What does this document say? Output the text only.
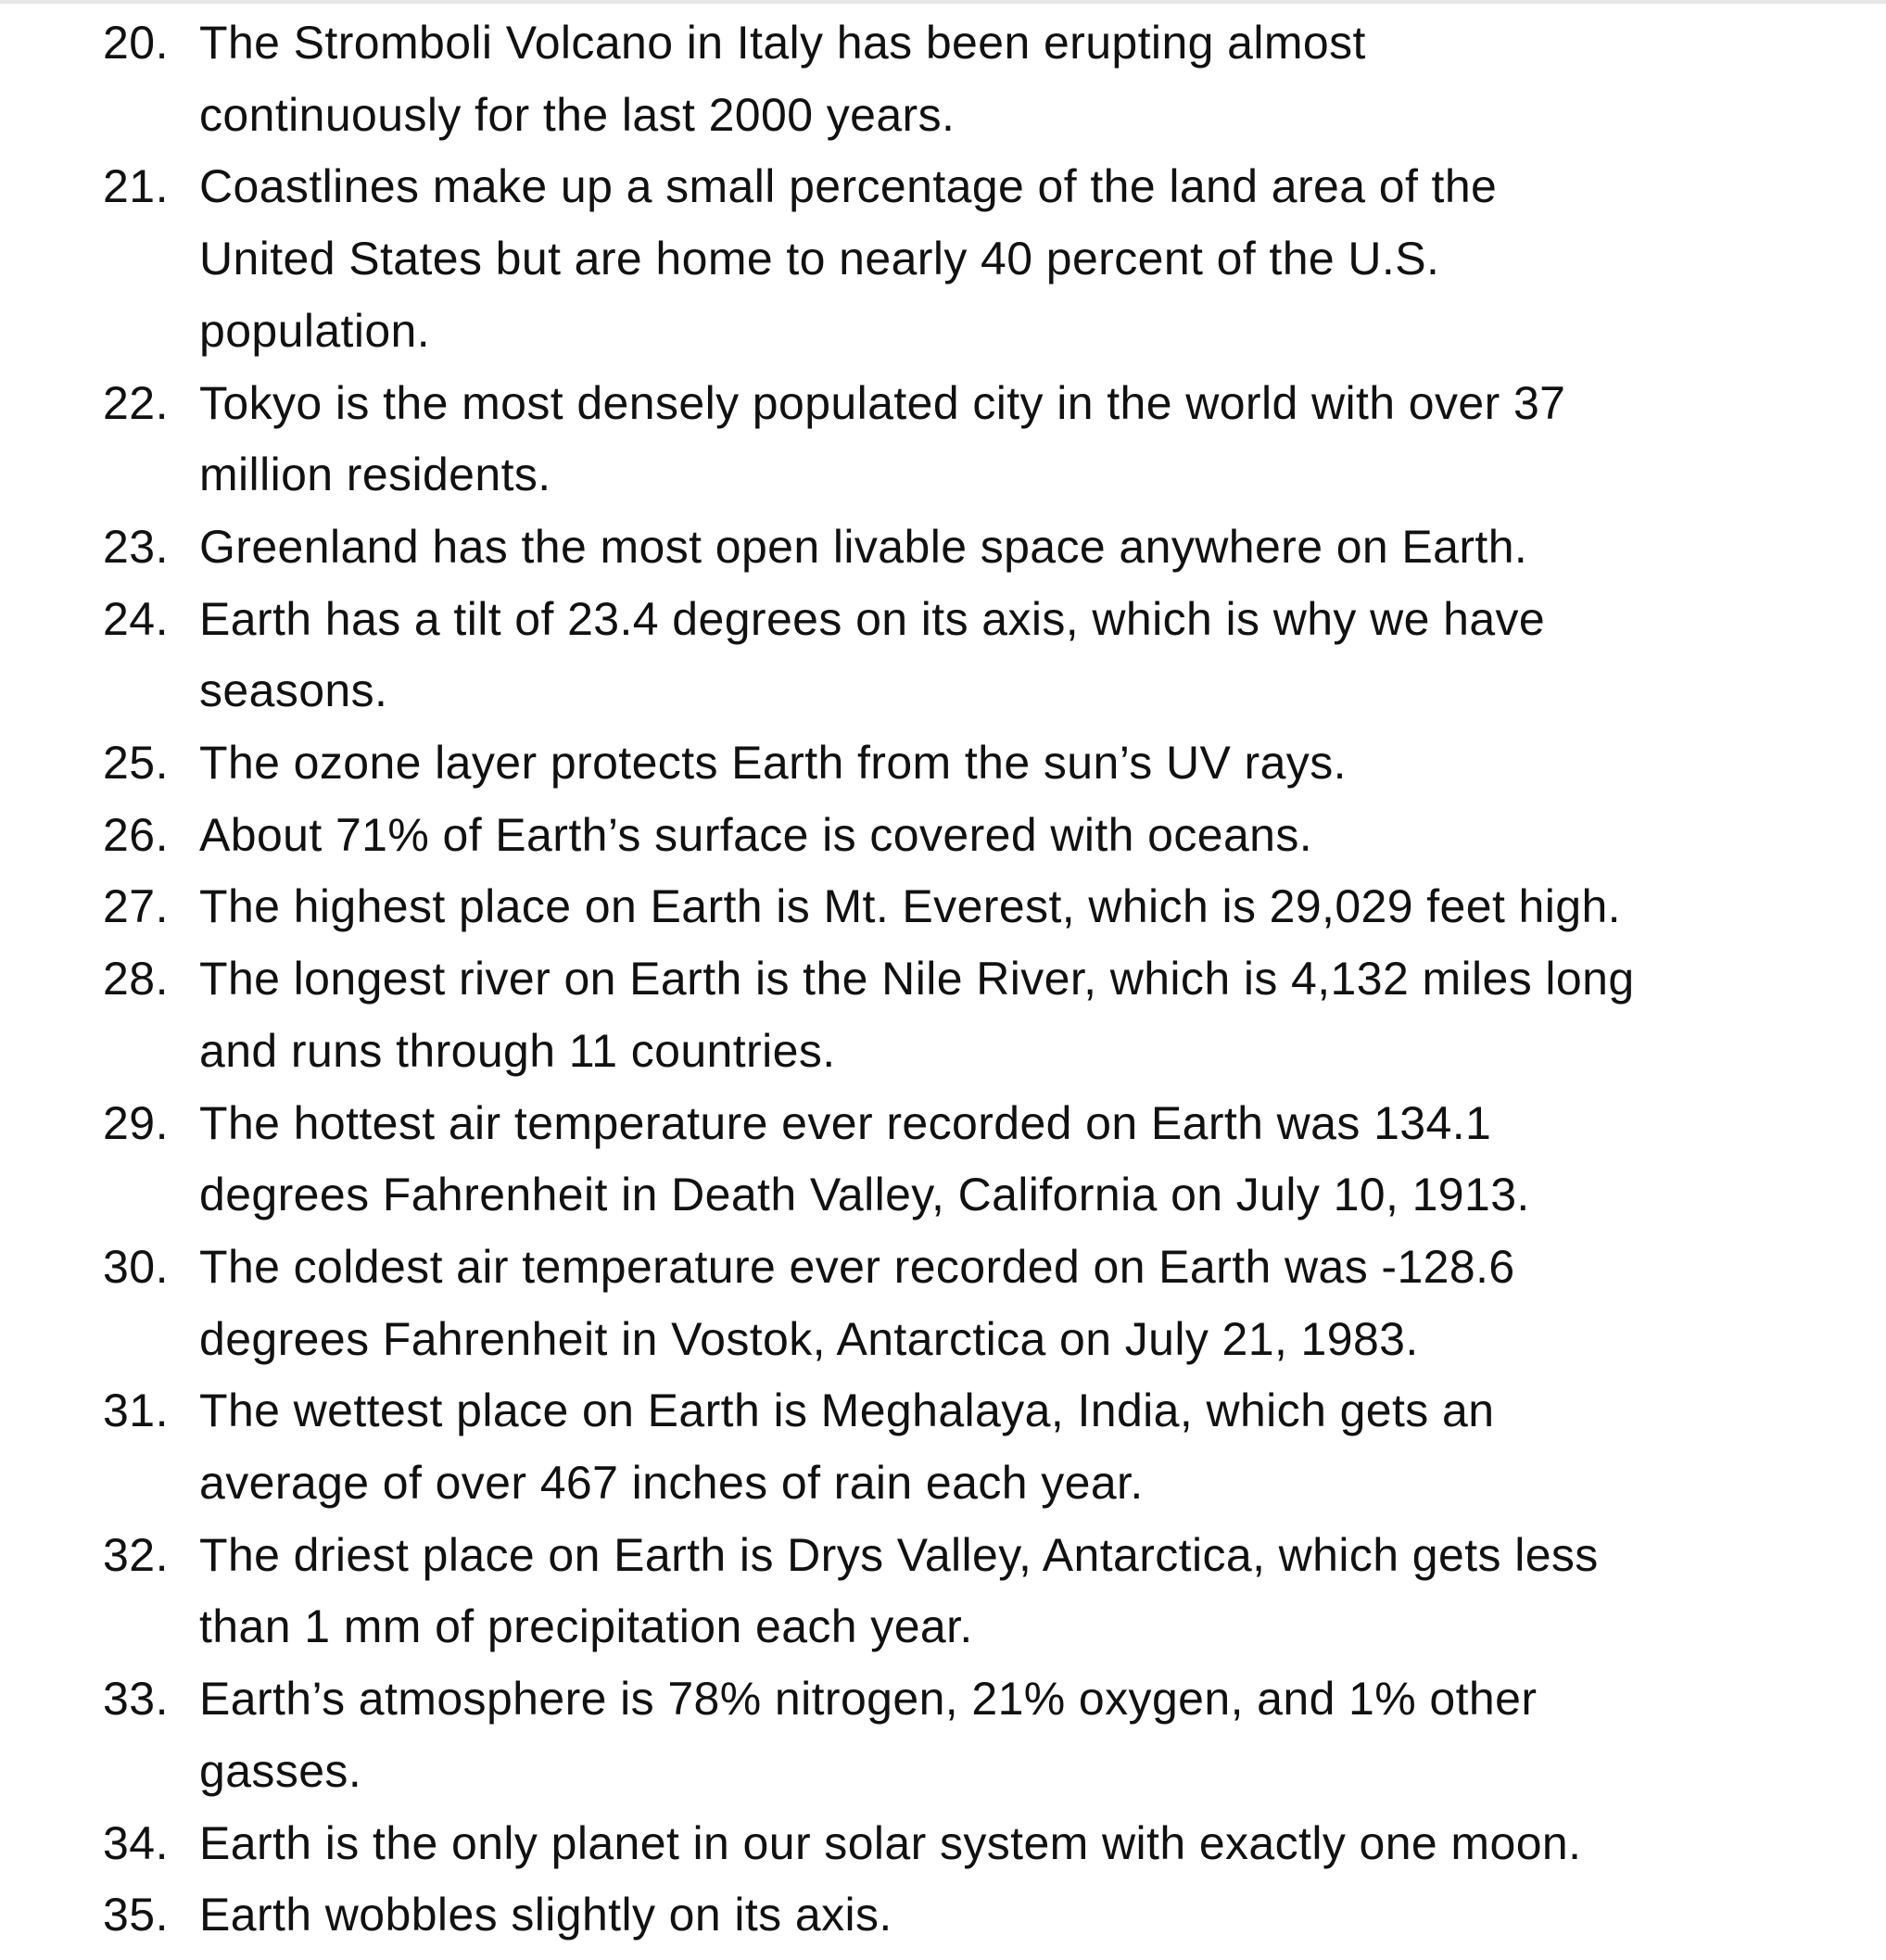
20. The Stromboli Volcano in Italy has been erupting almost
continuously for the last 2000 years.
21. Coastlines make up a small percentage of the land area of the
United States but are home to nearly 40 percent of the U.S.
population.
22. Tokyo is the most densely populated city in the world with over 37
million residents.
23. Greenland has the most open livable space anywhere on Earth.
24. Earth has a tilt of 23.4 degrees on its axis, which is why we have
seasons.
25. The ozone layer protects Earth from the sun’s UV rays.
26. About 71% of Earth’s surface is covered with oceans.
27. The highest place on Earth is Mt. Everest, which is 29,029 feet high.
28. The longest river on Earth is the Nile River, which is 4,132 miles long
and runs through 11 countries.
29. The hottest air temperature ever recorded on Earth was 134.1
degrees Fahrenheit in Death Valley, California on July 10, 1913.
30. The coldest air temperature ever recorded on Earth was -128.6
degrees Fahrenheit in Vostok, Antarctica on July 21, 1983.
31. The wettest place on Earth is Meghalaya, India, which gets an
average of over 467 inches of rain each year.
32. The driest place on Earth is Drys Valley, Antarctica, which gets less
than 1 mm of precipitation each year.
33. Earth’s atmosphere is 78% nitrogen, 21% oxygen, and 1% other
gasses.
34. Earth is the only planet in our solar system with exactly one moon.
35. Earth wobbles slightly on its axis.
